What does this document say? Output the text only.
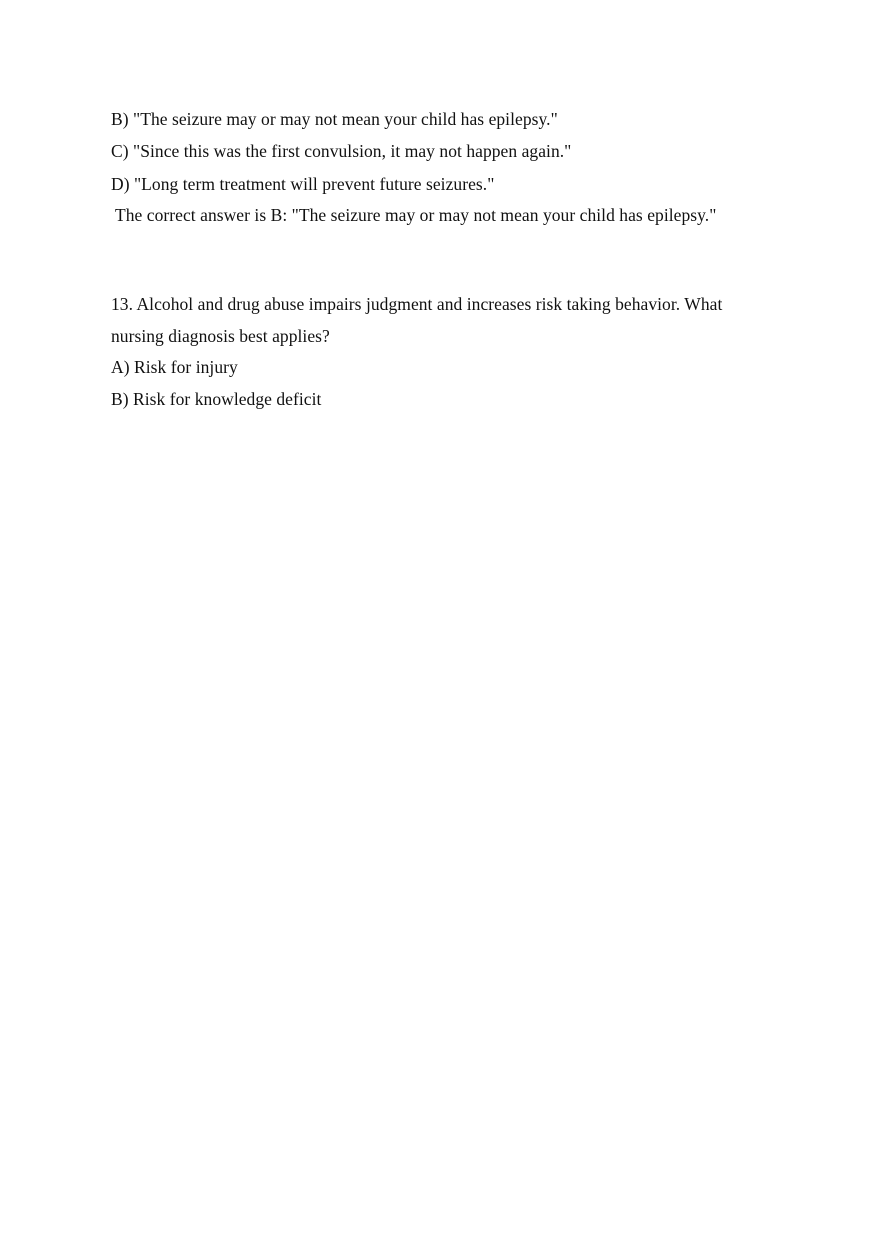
B) "The seizure may or may not mean your child has epilepsy."
C) "Since this was the first convulsion, it may not happen again."
D) "Long term treatment will prevent future seizures."
The correct answer is B: "The seizure may or may not mean your child has epilepsy."
13. Alcohol and drug abuse impairs judgment and increases risk taking behavior. What
nursing diagnosis best applies?
A) Risk for injury
B) Risk for knowledge deficit
